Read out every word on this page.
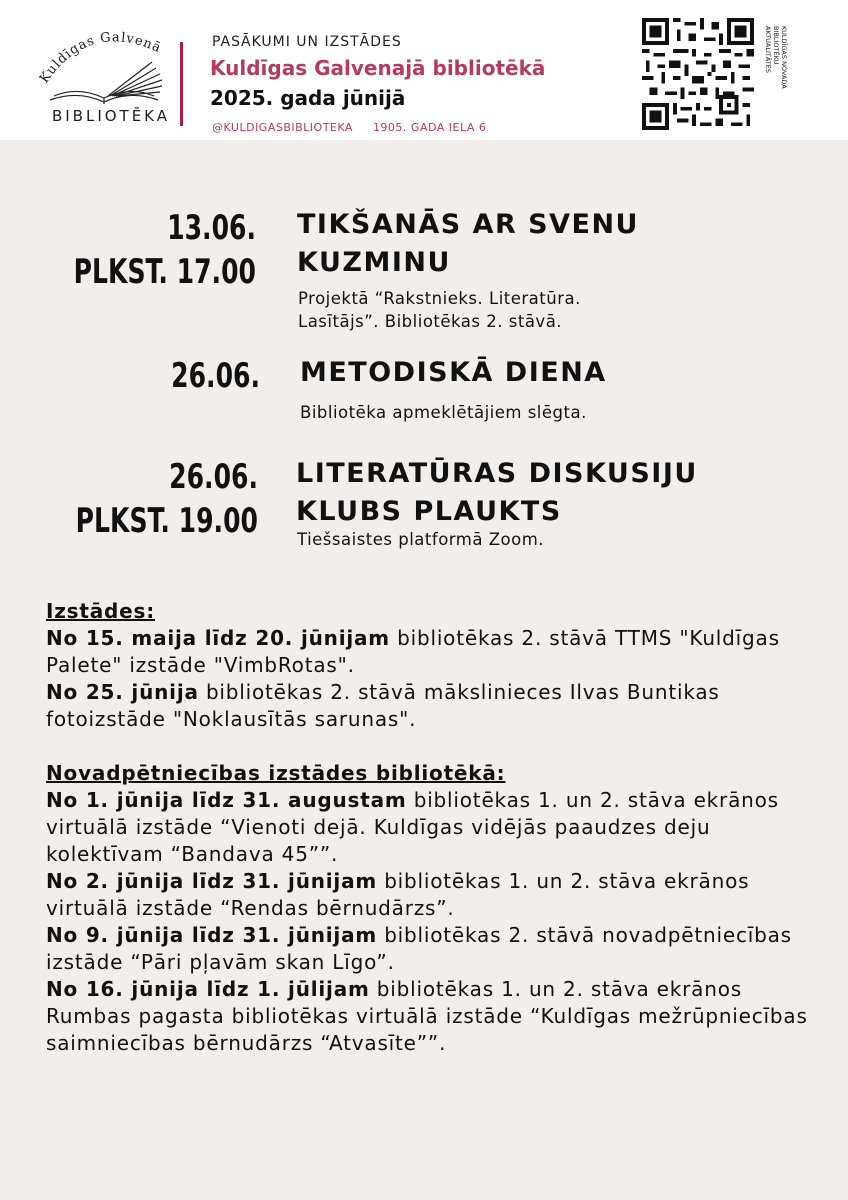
Kuldīgas Galvenā
BIBLIOTĒKA
PASĀKUMI UN IZSTĀDES
Kuldīgas Galvenajā bibliotēkā
2025. gada jūnijā
@KULDIGASBIBLIOTEKA 1905. GADA IELA 6
KULDĪGAS NOVADA
BIBLIOTĒKU
AKTUALITĀTES
13.06.
PLKST. 17.00
TIKŠANĀS AR SVENU
KUZMINU
Projektā “Rakstnieks. Literatūra.
Lasītājs”. Bibliotēkas 2. stāvā.
26.06. METODISKĀ DIENA
Bibliotēka apmeklētājiem slēgta.
26.06.
PLKST. 19.00
LITERATŪRAS DISKUSIJU
KLUBS PLAUKTS
Tiešsaistes platformā Zoom.
Izstādes:

No 15. maija līdz 20. jūnijam bibliotēkas 2. stāvā TTMS "Kuldīgas Palete" izstāde "VimbRotas".

No 25. jūnija bibliotēkas 2. stāvā mākslinieces Ilvas Buntikas fotoizstāde "Noklausītās sarunas".

Novadpētniecības izstādes bibliotēkā:

No 1. jūnija līdz 31. augustam bibliotēkas 1. un 2. stāva ekrānos virtuālā izstāde “Vienoti dejā. Kuldīgas vidējās paaudzes deju kolektīvam “Bandava 45””.

No 2. jūnija līdz 31. jūnijam bibliotēkas 1. un 2. stāva ekrānos virtuālā izstāde “Rendas bērnudārzs”.

No 9. jūnija līdz 31. jūnijam bibliotēkas 2. stāvā novadpētniecības izstāde “Pāri pļavām skan Līgo”.

No 16. jūnija līdz 1. jūlijam bibliotēkas 1. un 2. stāva ekrānos Rumbas pagasta bibliotēkas virtuālā izstāde “Kuldīgas mežrūpniecības saimniecības bērnudārzs “Atvasīte””.
